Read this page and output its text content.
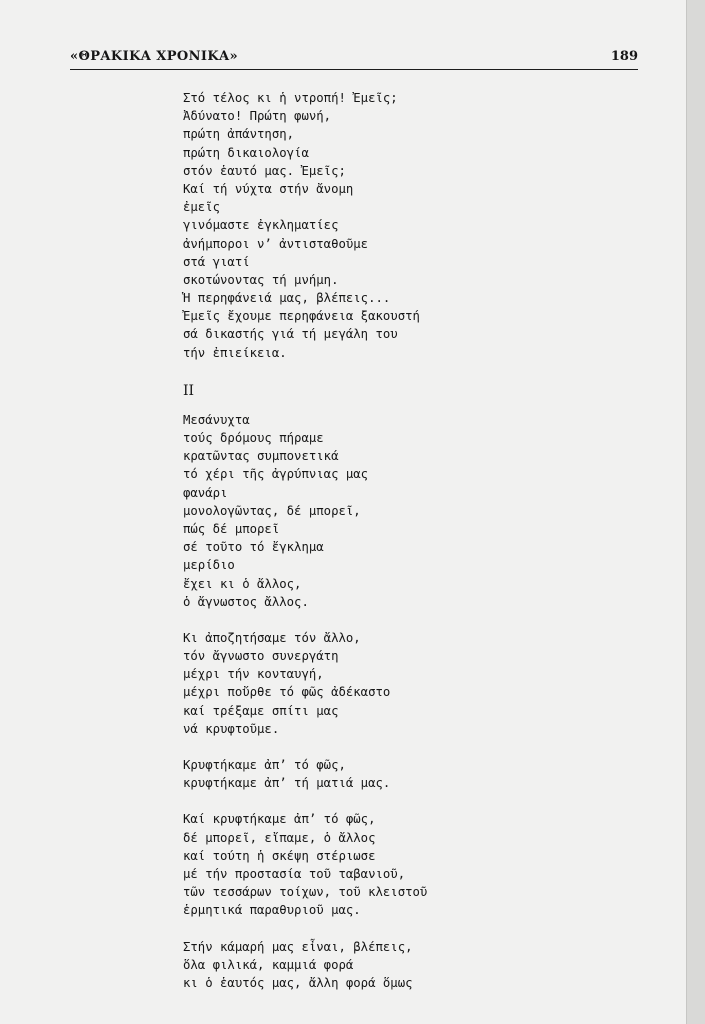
«ΘΡΑΚΙΚΑ ΧΡΟΝΙΚΑ»	189
Στό τέλος κι ἡ ντροπή! Ἐμεῖς;
Ἀδύνατο! Πρώτη φωνή,
πρώτη ἀπάντηση,
πρώτη δικαιολογία
στόν ἑαυτό μας. Ἐμεῖς;
Καί τή νύχτα στήν ἄνομη
ἐμεῖς
γινόμαστε ἐγκληματίες
ἀνήμποροι ν’ ἀντισταθοῦμε
στά γιατί
σκοτώνοντας τή μνήμη.
Ἡ περηφάνειά μας, βλέπεις...
Ἐμεῖς ἔχουμε περηφάνεια ξακουστή
σά δικαστής γιά τή μεγάλη του
τήν ἐπιείκεια.
II
Μεσάνυχτα
τούς δρόμους πήραμε
κρατῶντας συμπονετικά
τό χέρι τῆς ἀγρύπνιας μας
φανάρι
μονολογῶντας, δέ μπορεῖ,
πώς δέ μπορεῖ
σέ τοῦτο τό ἔγκλημα
μερίδιο
ἔχει κι ὁ ἄλλος,
ὁ ἄγνωστος ἄλλος.
Κι ἀποζητήσαμε τόν ἄλλο,
τόν ἄγνωστο συνεργάτη
μέχρι τήν κονταυγή,
μέχρι ποὔρθε τό φῶς ἀδέκαστο
καί τρέξαμε σπίτι μας
νά κρυφτοῦμε.
Κρυφτήκαμε ἀπ’ τό φῶς,
κρυφτήκαμε ἀπ’ τή ματιά μας.
Καί κρυφτήκαμε ἀπ’ τό φῶς,
δέ μπορεῖ, εἴπαμε, ὁ ἄλλος
καί τούτη ἡ σκέψη στέριωσε
μέ τήν προστασία τοῦ ταβανιοῦ,
τῶν τεσσάρων τοίχων, τοῦ κλειστοῦ
ἑρμητικά παραθυριοῦ μας.
Στήν κάμαρή μας εἶναι, βλέπεις,
ὅλα φιλικά, καμμιά φορά
κι ὁ ἑαυτός μας, ἄλλη φορά ὅμως
